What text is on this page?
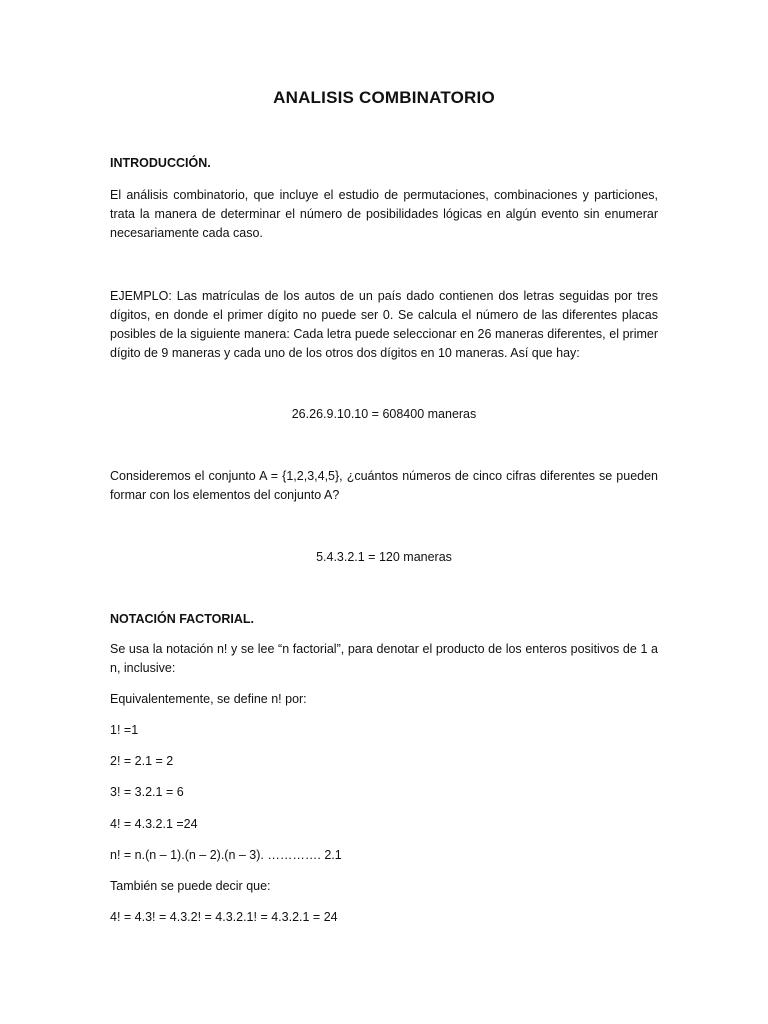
ANALISIS COMBINATORIO
INTRODUCCIÓN.

El análisis combinatorio, que incluye el estudio de permutaciones, combinaciones y particiones, trata la manera de determinar el número de posibilidades lógicas en algún evento sin enumerar necesariamente cada caso.

EJEMPLO: Las matrículas de los autos de un país dado contienen dos letras seguidas por tres dígitos, en donde el primer dígito no puede ser 0. Se calcula el número de las diferentes placas posibles de la siguiente manera: Cada letra puede seleccionar en 26 maneras diferentes, el primer dígito de 9 maneras y cada uno de los otros dos dígitos en 10 maneras. Así que hay:

26.26.9.10.10 = 608400 maneras

Consideremos el conjunto A = {1,2,3,4,5}, ¿cuántos números de cinco cifras diferentes se pueden formar con los elementos del conjunto A?

5.4.3.2.1 = 120 maneras
NOTACIÓN FACTORIAL.

Se usa la notación n! y se lee “n factorial”, para denotar el producto de los enteros positivos de 1 a n, inclusive:

Equivalentemente, se define n! por:
1! =1
2! = 2.1 = 2
3! = 3.2.1 = 6
4! = 4.3.2.1 =24
n! = n.(n – 1).(n – 2).(n – 3). …………. 2.1
También se puede decir que:
4! = 4.3! = 4.3.2! = 4.3.2.1! = 4.3.2.1 = 24
